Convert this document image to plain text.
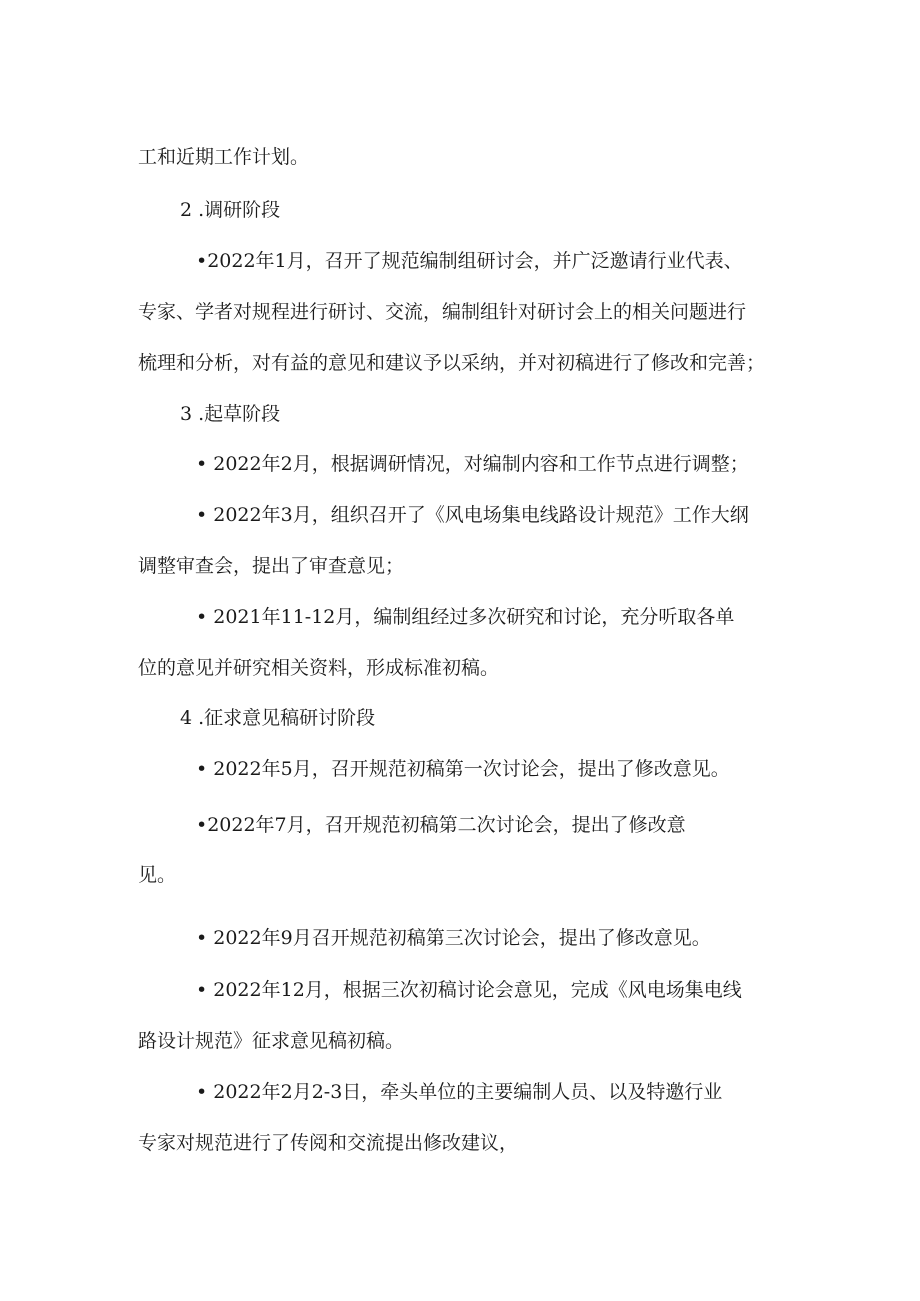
工和近期工作计划。

2 .调研阶段

•2022年1月，召开了规范编制组研讨会，并广泛邀请行业代表、

专家、学者对规程进行研讨、交流，编制组针对研讨会上的相关问题进行

梳理和分析，对有益的意见和建议予以采纳，并对初稿进行了修改和完善；

3 .起草阶段

• 2022年2月，根据调研情况，对编制内容和工作节点进行调整；

• 2022年3月，组织召开了《风电场集电线路设计规范》工作大纲

调整审查会，提出了审查意见；

• 2021年11-12月，编制组经过多次研究和讨论，充分听取各单

位的意见并研究相关资料，形成标准初稿。

4 .征求意见稿研讨阶段

• 2022年5月，召开规范初稿第一次讨论会，提出了修改意见。

•2022年7月，召开规范初稿第二次讨论会，提出了修改意

见。

• 2022年9月召开规范初稿第三次讨论会，提出了修改意见。

• 2022年12月，根据三次初稿讨论会意见，完成《风电场集电线

路设计规范》征求意见稿初稿。

• 2022年2月2-3日，牵头单位的主要编制人员、以及特邀行业

专家对规范进行了传阅和交流提出修改建议，
